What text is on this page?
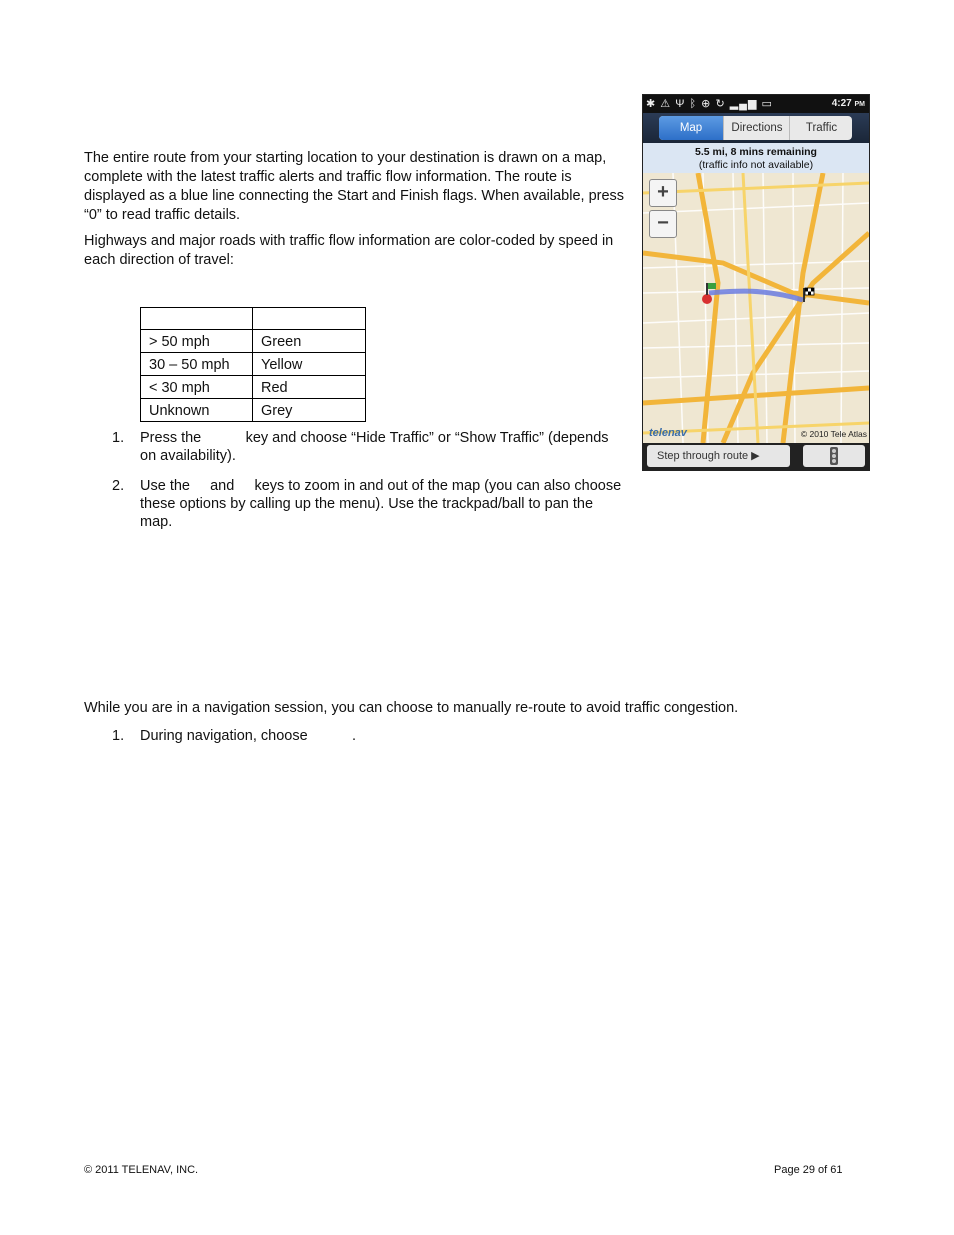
The entire route from your starting location to your destination is drawn on a map, complete with the latest traffic alerts and traffic flow information. The route is displayed as a blue line connecting the Start and Finish flags. When available, press “0” to read traffic details.

Highways and major roads with traffic flow information are color-coded by speed in each direction of travel:

> 50 mph	Green
30 – 50 mph	Yellow
< 30 mph	Red
Unknown	Grey
1. Press the           key and choose “Hide Traffic” or “Show Traffic” (depends on availability).
2. Use the     and     keys to zoom in and out of the map (you can also choose these options by calling up the menu). Use the trackpad/ball to pan the map.

While you are in a navigation session, you can choose to manually re-route to avoid traffic congestion.

1. During navigation, choose           .
✱ ⚠ Ψ ᛒ ⊕ ↻ ▂▄▆ ▭	4:27 PM
Map	Directions	Traffic
5.5 mi, 8 mins remaining
(traffic info not available)
+
−
telenav	© 2010 Tele Atlas
Step through route ▶
© 2011 TELENAV, INC.	Page 29 of 61
